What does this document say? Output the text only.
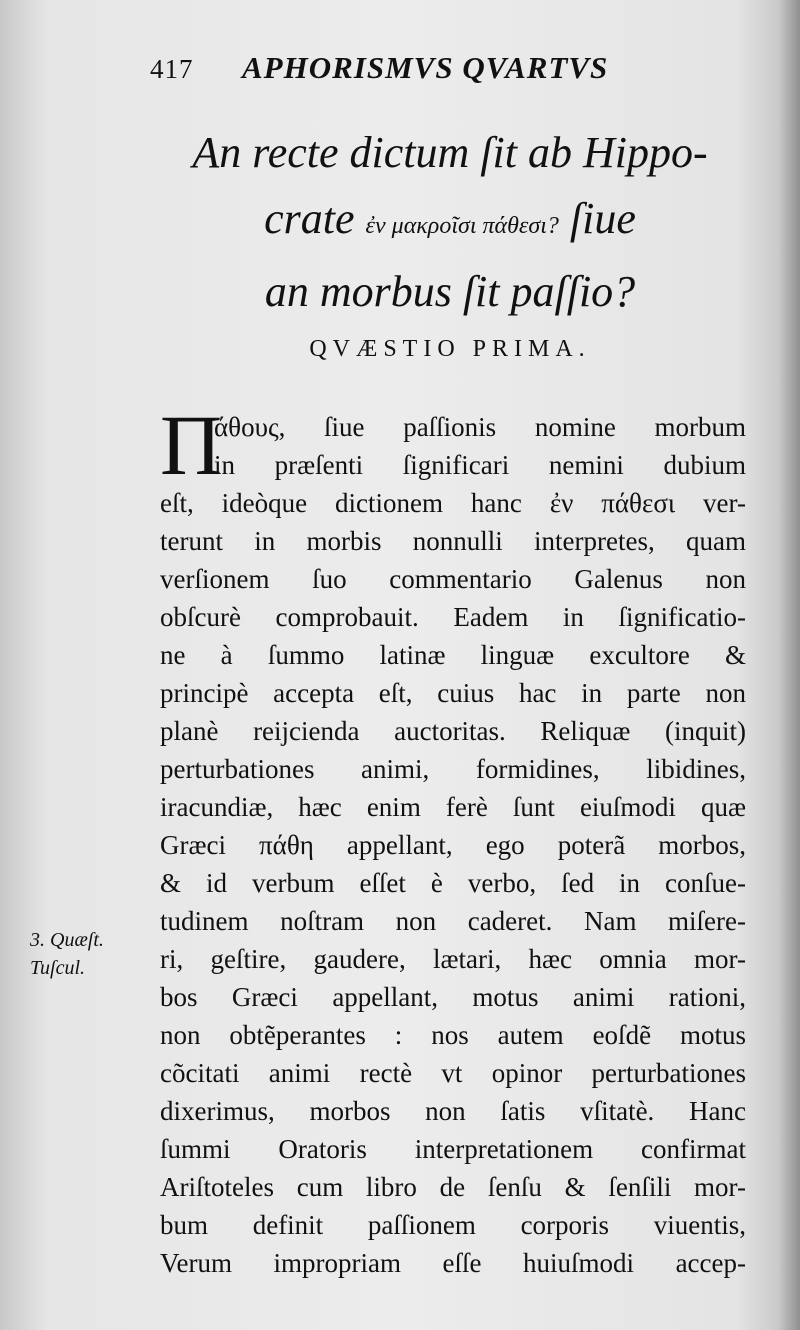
417 APHORISMVS QVARTVS
An recte dictum ſit ab Hippo-
crate ἐν μακροῖσι πάθεσι? ſiue
an morbus ſit paſſio?
QVÆSTIO PRIMA.
Π
άθους, ſiue paſſionis nomine morbum
in præſenti ſignificari nemini dubium
eſt, ideòque dictionem hanc ἐν πάθεσι ver-
terunt in morbis nonnulli interpretes, quam
verſionem ſuo commentario Galenus non
obſcurè comprobauit. Eadem in ſignificatio-
ne à ſummo latinæ linguæ excultore &
principè accepta eſt, cuius hac in parte non
planè reijcienda auctoritas. Reliquæ (inquit)
perturbationes animi, formidines, libidines,
iracundiæ, hæc enim ferè ſunt eiuſmodi quæ
Græci πάθη appellant, ego poterã morbos,
& id verbum eſſet è verbo, ſed in conſue-
tudinem noſtram non caderet. Nam miſere-
ri, geſtire, gaudere, lætari, hæc omnia mor-
bos Græci appellant, motus animi rationi,
non obtẽperantes : nos autem eoſdẽ motus
cõcitati animi rectè vt opinor perturbationes
dixerimus, morbos non ſatis vſitatè. Hanc
ſummi Oratoris interpretationem confirmat
Ariſtoteles cum libro de ſenſu & ſenſili mor-
bum definit paſſionem corporis viuentis,
Verum impropriam eſſe huiuſmodi accep-
3. Quæſt.
Tuſcul.
